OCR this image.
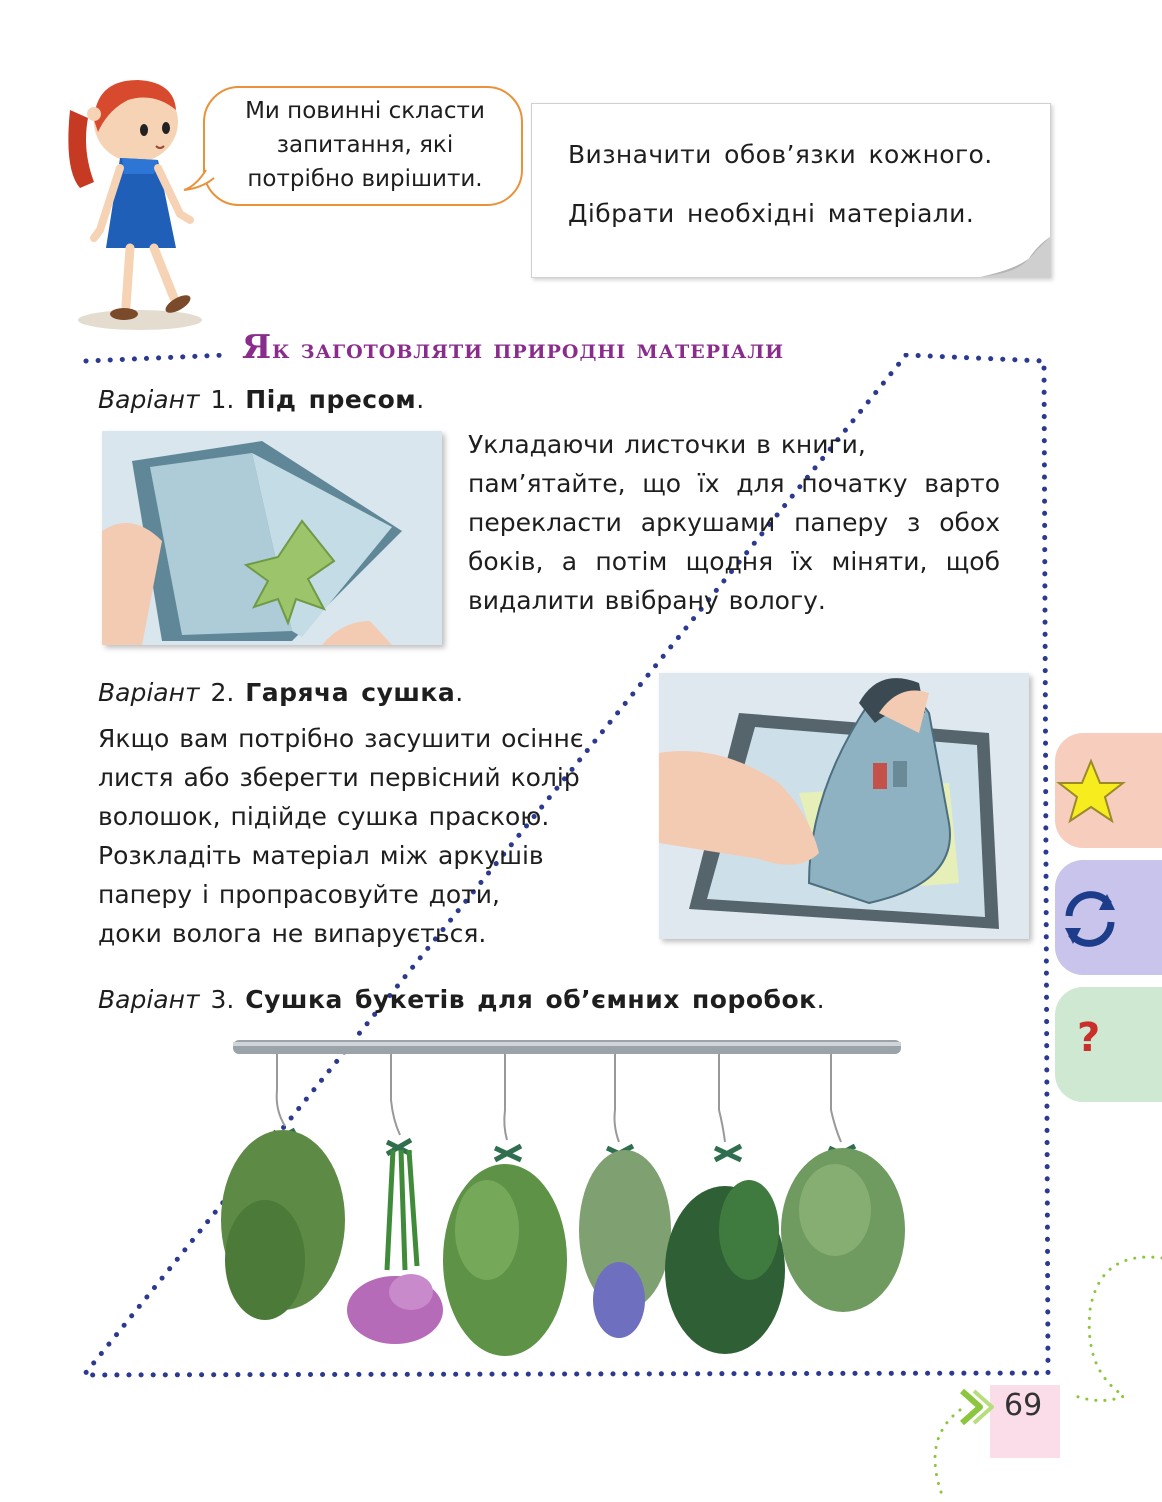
Ми повинні скласти
запитання, які
потрібно вирішити.
Визначити обов’язки кожного.
Дібрати необхідні матеріали.
Як заготовляти природні матеріали
Варіант 1. Під пресом.
Укладаючи листочки в книги,
пам’ятайте, що їх для початку варто
перекласти аркушами паперу з обох
боків, а потім щодня їх міняти, щоб
видалити ввібрану вологу.
Варіант 2. Гаряча сушка.
Якщо вам потрібно засушити осіннє
листя або зберегти первісний колір
волошок, підійде сушка праскою.
Розкладіть матеріал між аркушів
паперу і пропрасовуйте доти,
доки волога не випарується.
Варіант 3. Сушка букетів для об’ємних поробок.
?
69
